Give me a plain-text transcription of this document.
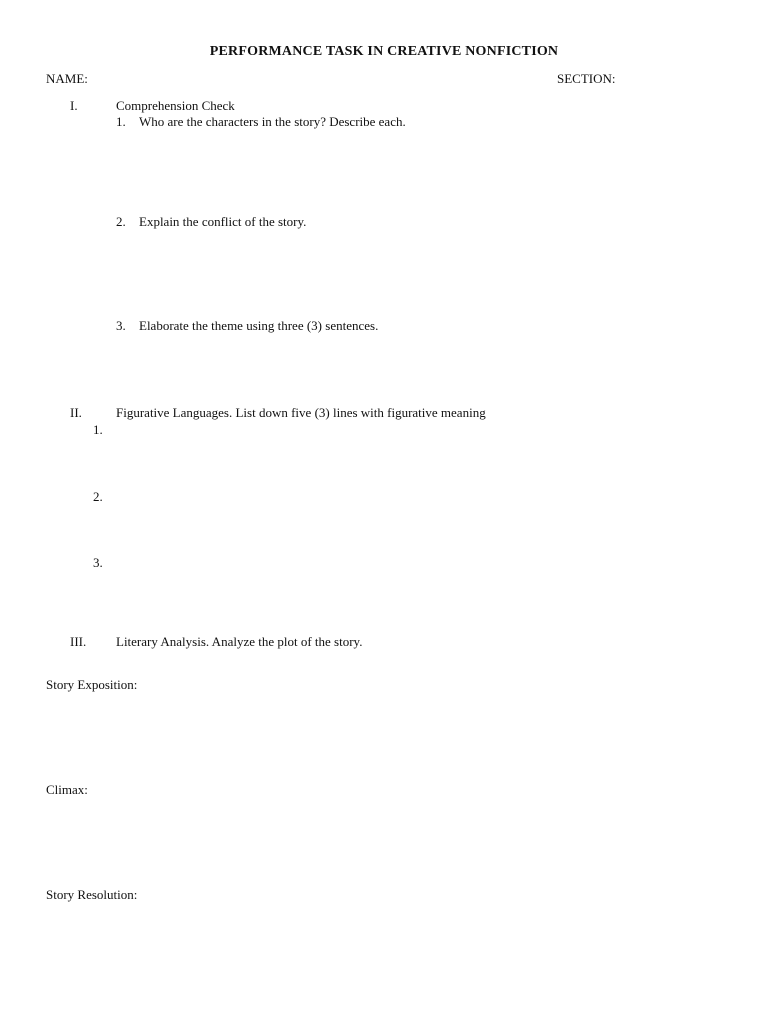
PERFORMANCE TASK IN CREATIVE NONFICTION
NAME:	SECTION:
I.	Comprehension Check
1. Who are the characters in the story? Describe each.
2. Explain the conflict of the story.
3. Elaborate the theme using three (3) sentences.
II.	Figurative Languages. List down five (3) lines with figurative meaning
1.
2.
3.
III. Literary Analysis. Analyze the plot of the story.
Story Exposition:
Climax:
Story Resolution:
